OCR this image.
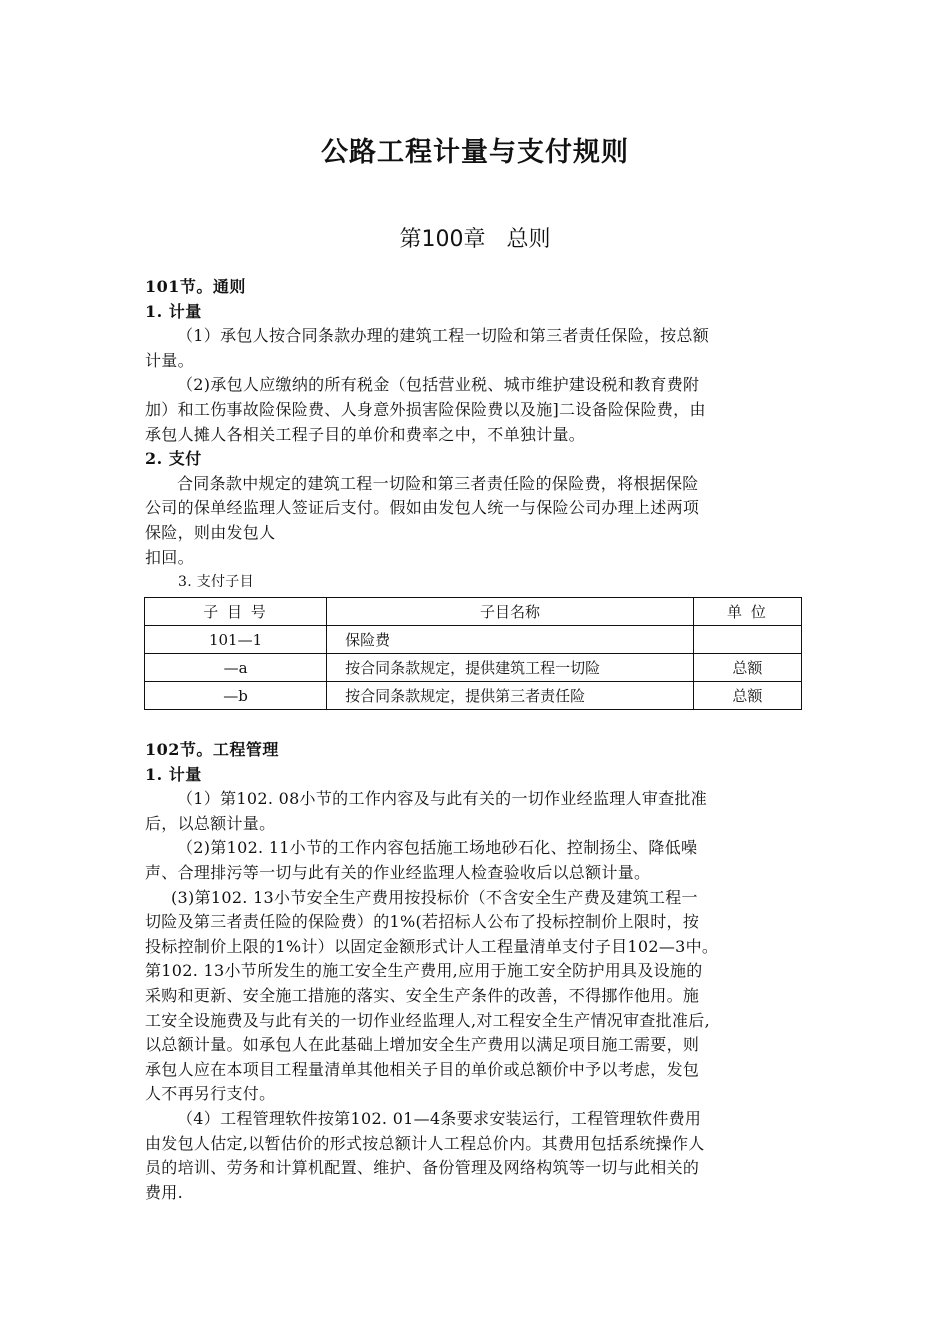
公路工程计量与支付规则
第100章   总则
101节。通则
1. 计量
（1）承包人按合同条款办理的建筑工程一切险和第三者责任保险，按总额
计量。
（2)承包人应缴纳的所有税金（包括营业税、城市维护建设税和教育费附
加）和工伤事故险保险费、人身意外损害险保险费以及施]二设备险保险费，由
承包人摊人各相关工程子目的单价和费率之中，不单独计量。
2. 支付
合同条款中规定的建筑工程一切险和第三者责任险的保险费，将根据保险
公司的保单经监理人签证后支付。假如由发包人统一与保险公司办理上述两项
保险，则由发包人
扣回。
3. 支付子目
子 目 号	子目名称	单 位
101—1	保险费	
—a	按合同条款规定，提供建筑工程一切险	总额
—b	按合同条款规定，提供第三者责任险	总额
102节。工程管理
1. 计量
（1）第102. 08小节的工作内容及与此有关的一切作业经监理人审查批准
后，以总额计量。
（2)第102. 11小节的工作内容包括施工场地砂石化、控制扬尘、降低噪
声、合理排污等一切与此有关的作业经监理人检查验收后以总额计量。
(3)第102. 13小节安全生产费用按投标价（不含安全生产费及建筑工程一
切险及第三者责任险的保险费）的1%(若招标人公布了投标控制价上限时，按
投标控制价上限的1%计）以固定金额形式计人工程量清单支付子目102—3中。
第102. 13小节所发生的施工安全生产费用,应用于施工安全防护用具及设施的
采购和更新、安全施工措施的落实、安全生产条件的改善，不得挪作他用。施
工安全设施费及与此有关的一切作业经监理人,对工程安全生产情况审查批准后,
以总额计量。如承包人在此基础上增加安全生产费用以满足项目施工需要，则
承包人应在本项目工程量清单其他相关子目的单价或总额价中予以考虑，发包
人不再另行支付。
（4）工程管理软件按第102. 01—4条要求安装运行，工程管理软件费用
由发包人估定,以暂估价的形式按总额计人工程总价内。其费用包括系统操作人
员的培训、劳务和计算机配置、维护、备份管理及网络构筑等一切与此相关的
费用.
